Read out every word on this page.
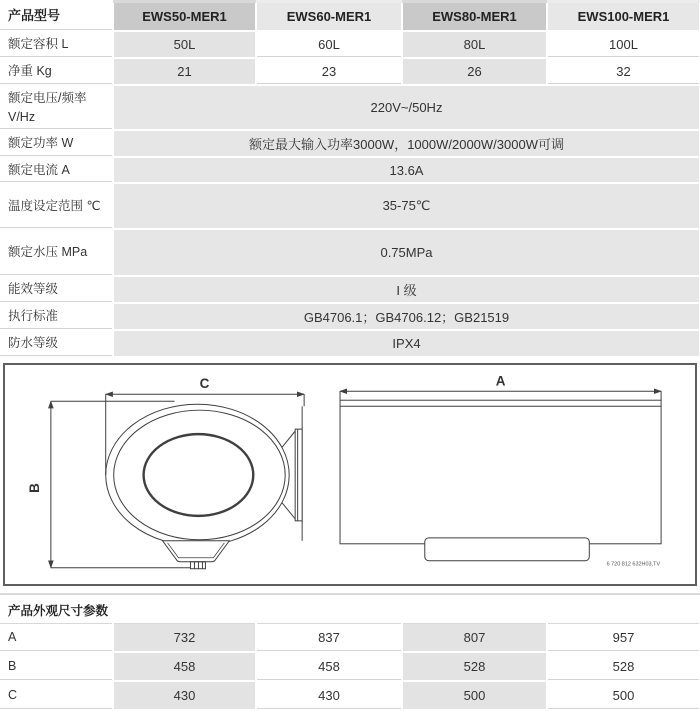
产品型号	EWS50-MER1	EWS60-MER1	EWS80-MER1	EWS100-MER1
额定容积 L	50L	60L	80L	100L
净重 Kg	21	23	26	32
额定电压/频率 V/Hz	220V~/50Hz			
额定功率 W	额定最大输入功率3000W，1000W/2000W/3000W可调			
额定电流 A	13.6A			
温度设定范围 ℃	35-75℃			
额定水压 MPa	0.75MPa			
能效等级	I 级			
执行标准	GB4706.1；GB4706.12；GB21519			
防水等级	IPX4			
C
B
A
6 720 812 632H03,TV
产品外观尺寸参数
A	732	837	807	957
B	458	458	528	528
C	430	430	500	500
